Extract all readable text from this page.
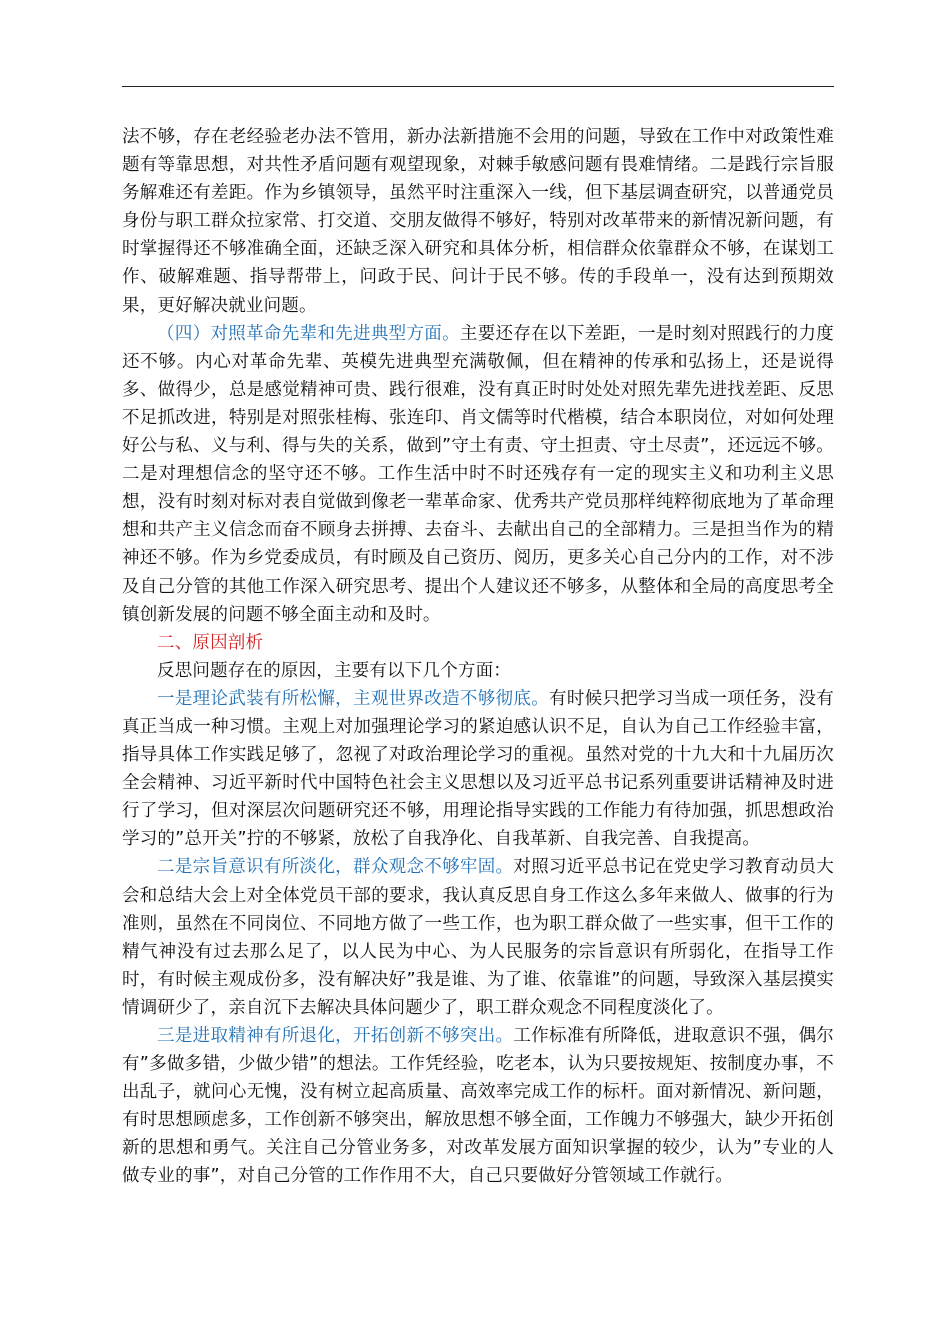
法不够，存在老经验老办法不管用，新办法新措施不会用的问题，导致在工作中对政策性难题有等靠思想，对共性矛盾问题有观望现象，对棘手敏感问题有畏难情绪。二是践行宗旨服务解难还有差距。作为乡镇领导，虽然平时注重深入一线，但下基层调查研究，以普通党员身份与职工群众拉家常、打交道、交朋友做得不够好，特别对改革带来的新情况新问题，有时掌握得还不够准确全面，还缺乏深入研究和具体分析，相信群众依靠群众不够，在谋划工作、破解难题、指导帮带上，问政于民、问计于民不够。传的手段单一，没有达到预期效果，更好解决就业问题。

（四）对照革命先辈和先进典型方面。主要还存在以下差距，一是时刻对照践行的力度还不够。内心对革命先辈、英模先进典型充满敬佩，但在精神的传承和弘扬上，还是说得多、做得少，总是感觉精神可贵、践行很难，没有真正时时处处对照先辈先进找差距、反思不足抓改进，特别是对照张桂梅、张连印、肖文儒等时代楷模，结合本职岗位，对如何处理好公与私、义与利、得与失的关系，做到”守土有责、守土担责、守土尽责”，还远远不够。二是对理想信念的坚守还不够。工作生活中时不时还残存有一定的现实主义和功利主义思想，没有时刻对标对表自觉做到像老一辈革命家、优秀共产党员那样纯粹彻底地为了革命理想和共产主义信念而奋不顾身去拼搏、去奋斗、去献出自己的全部精力。三是担当作为的精神还不够。作为乡党委成员，有时顾及自己资历、阅历，更多关心自己分内的工作，对不涉及自己分管的其他工作深入研究思考、提出个人建议还不够多，从整体和全局的高度思考全镇创新发展的问题不够全面主动和及时。

二、原因剖析

反思问题存在的原因，主要有以下几个方面：

一是理论武装有所松懈，主观世界改造不够彻底。有时候只把学习当成一项任务，没有真正当成一种习惯。主观上对加强理论学习的紧迫感认识不足，自认为自己工作经验丰富，指导具体工作实践足够了，忽视了对政治理论学习的重视。虽然对党的十九大和十九届历次全会精神、习近平新时代中国特色社会主义思想以及习近平总书记系列重要讲话精神及时进行了学习，但对深层次问题研究还不够，用理论指导实践的工作能力有待加强，抓思想政治学习的”总开关”拧的不够紧，放松了自我净化、自我革新、自我完善、自我提高。

二是宗旨意识有所淡化，群众观念不够牢固。对照习近平总书记在党史学习教育动员大会和总结大会上对全体党员干部的要求，我认真反思自身工作这么多年来做人、做事的行为准则，虽然在不同岗位、不同地方做了一些工作，也为职工群众做了一些实事，但干工作的精气神没有过去那么足了，以人民为中心、为人民服务的宗旨意识有所弱化，在指导工作时，有时候主观成份多，没有解决好”我是谁、为了谁、依靠谁”的问题，导致深入基层摸实情调研少了，亲自沉下去解决具体问题少了，职工群众观念不同程度淡化了。

三是进取精神有所退化，开拓创新不够突出。工作标准有所降低，进取意识不强，偶尔有”多做多错，少做少错”的想法。工作凭经验，吃老本，认为只要按规矩、按制度办事，不出乱子，就问心无愧，没有树立起高质量、高效率完成工作的标杆。面对新情况、新问题，有时思想顾虑多，工作创新不够突出，解放思想不够全面，工作魄力不够强大，缺少开拓创新的思想和勇气。关注自己分管业务多，对改革发展方面知识掌握的较少，认为”专业的人做专业的事”，对自己分管的工作作用不大，自己只要做好分管领域工作就行。
